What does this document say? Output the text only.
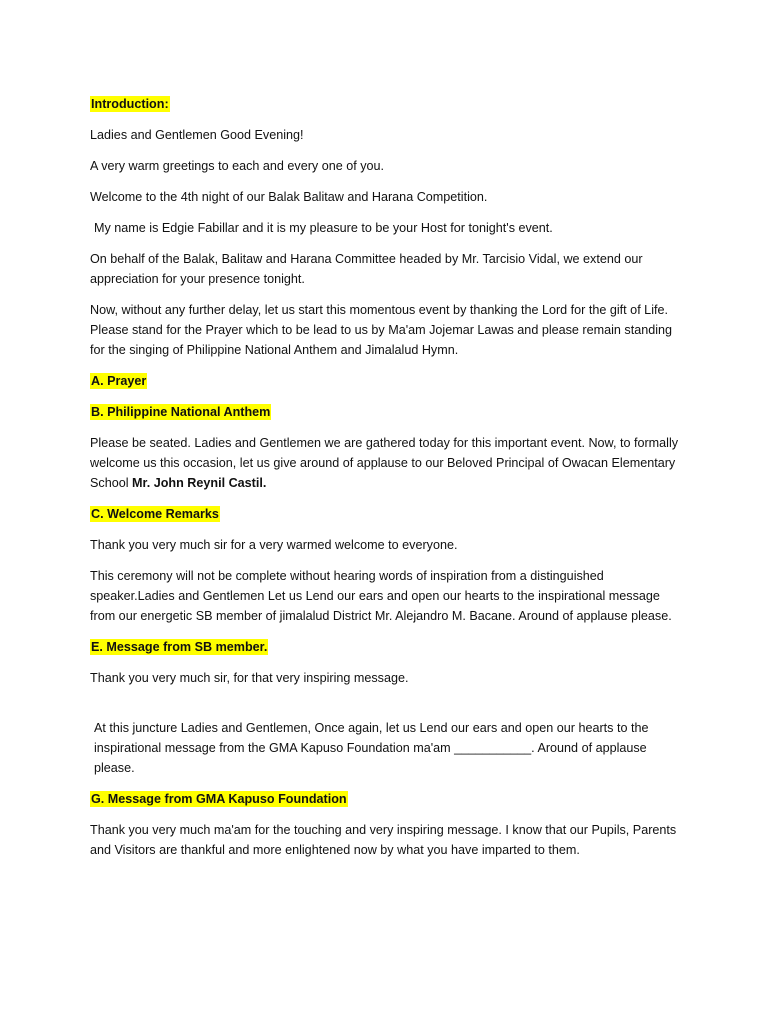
Introduction:

Ladies and Gentlemen Good Evening!

A very warm greetings to each and every one of you.

Welcome to the 4th night of our Balak Balitaw and Harana Competition.

My name is Edgie Fabillar and it is my pleasure to be your Host for tonight's event.

On behalf of the Balak, Balitaw and Harana Committee headed by Mr. Tarcisio Vidal, we extend our appreciation for your presence tonight.

Now, without any further delay, let us start this momentous event by thanking the Lord for the gift of Life. Please stand for the Prayer which to be lead to us by Ma'am Jojemar Lawas and please remain standing for the singing of Philippine National Anthem and Jimalalud Hymn.

A. Prayer

B. Philippine National Anthem

Please be seated. Ladies and Gentlemen we are gathered today for this important event. Now, to formally welcome us this occasion, let us give around of applause to our Beloved Principal of Owacan Elementary School Mr. John Reynil Castil.

C. Welcome Remarks

Thank you very much sir for a very warmed welcome to everyone.

This ceremony will not be complete without hearing words of inspiration from a distinguished speaker.Ladies and Gentlemen Let us Lend our ears and open our hearts to the inspirational message from our energetic SB member of jimalalud District Mr. Alejandro M. Bacane. Around of applause please.

E. Message from SB member.

Thank you very much sir, for that very inspiring message.

At this juncture Ladies and Gentlemen, Once again, let us Lend our ears and open our hearts to the inspirational message from the GMA Kapuso Foundation ma'am ___________. Around of applause please.

G. Message from GMA Kapuso Foundation

Thank you very much ma'am for the touching and very inspiring message. I know that our Pupils, Parents and Visitors are thankful and more enlightened now by what you have imparted to them.
